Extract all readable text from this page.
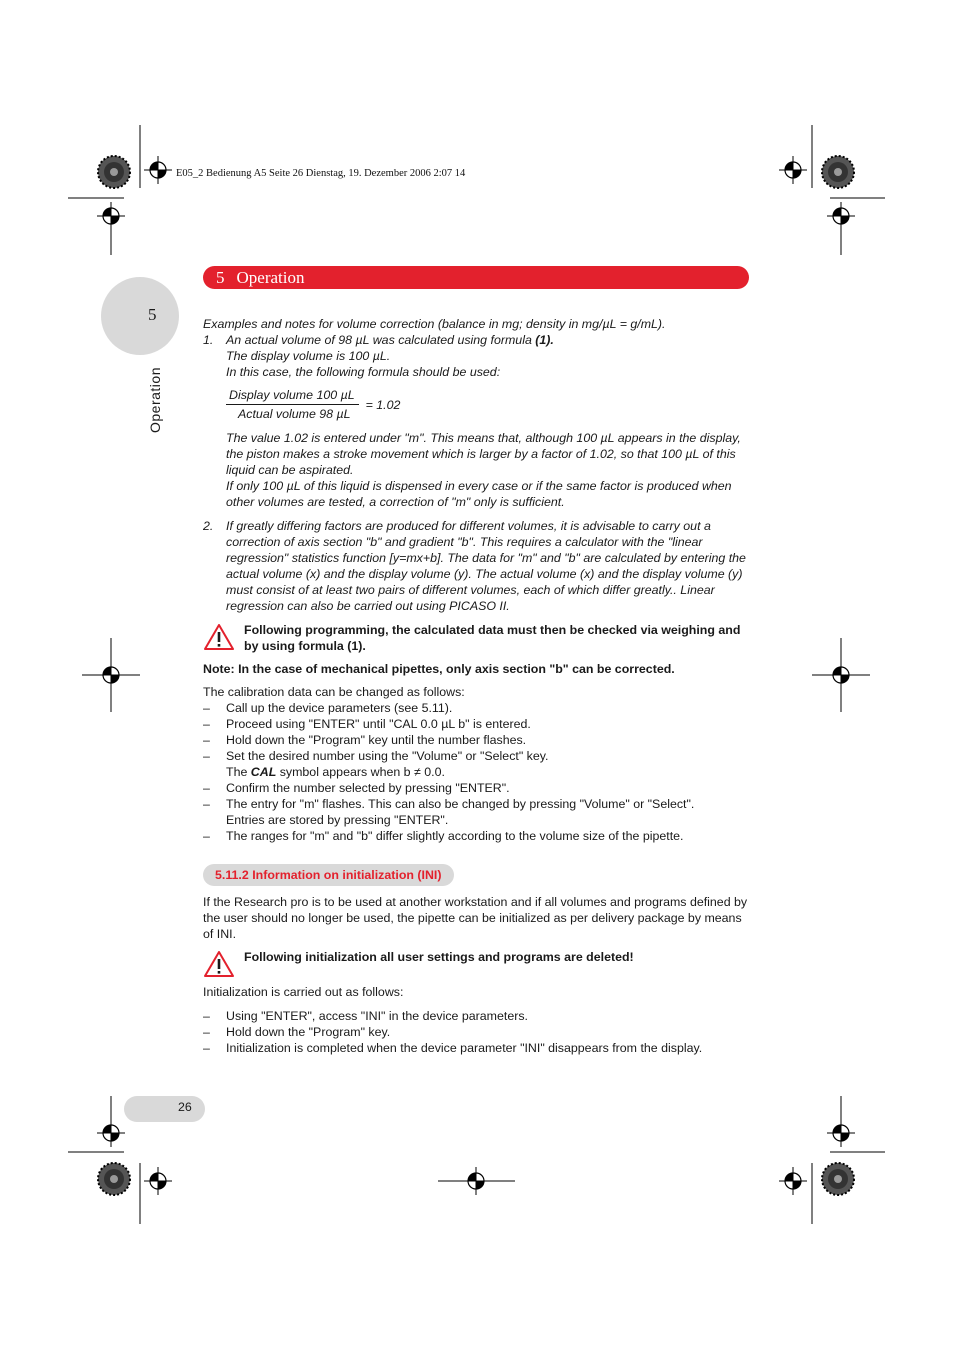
E05_2 Bedienung A5 Seite 26 Dienstag, 19. Dezember 2006 2:07 14
5
Operation
5 Operation

Examples and notes for volume correction (balance in mg; density in mg/µL = g/mL).

1.	An actual volume of 98 µL was calculated using formula (1).

The display volume is 100 µL.

In this case, the following formula should be used:

$\frac{\text{Display volume 100 µL}}{\text{Actual volume 98 µL}} = 1.02$

The value 1.02 is entered under "m". This means that, although 100 µL appears in the display, the piston makes a stroke movement which is larger by a factor of 1.02, so that 100 µL of this liquid can be aspirated.

If only 100 µL of this liquid is dispensed in every case or if the same factor is produced when other volumes are tested, a correction of "m" only is sufficient.

2.	If greatly differing factors are produced for different volumes, it is advisable to carry out a correction of axis section "b" and gradient "b". This requires a calculator with the "linear regression" statistics function [y=mx+b]. The data for "m" and "b" are calculated by entering the actual volume (x) and the display volume (y). The actual volume (x) and the display volume (y) must consist of at least two pairs of different volumes, each of which differ greatly.. Linear regression can also be carried out using PICASO II.

Following programming, the calculated data must then be checked via weighing and by using formula (1).

Note: In the case of mechanical pipettes, only axis section "b" can be corrected.

The calibration data can be changed as follows:

–	Call up the device parameters (see 5.11).
–	Proceed using "ENTER" until "CAL 0.0 µL b" is entered.
–	Hold down the "Program" key until the number flashes.
–	Set the desired number using the "Volume" or "Select" key.

The CAL symbol appears when b ≠ 0.0.

–	Confirm the number selected by pressing "ENTER".
–	The entry for "m" flashes. This can also be changed by pressing "Volume" or "Select".

Entries are stored by pressing "ENTER".

–	The ranges for "m" and "b" differ slightly according to the volume size of the pipette.
5.11.2 Information on initialization (INI)

If the Research pro is to be used at another workstation and if all volumes and programs defined by the user should no longer be used, the pipette can be initialized as per delivery package by means of INI.

Following initialization all user settings and programs are deleted!

Initialization is carried out as follows:

–	Using "ENTER", access "INI" in the device parameters.
–	Hold down the "Program" key.
–	Initialization is completed when the device parameter "INI" disappears from the display.
26
